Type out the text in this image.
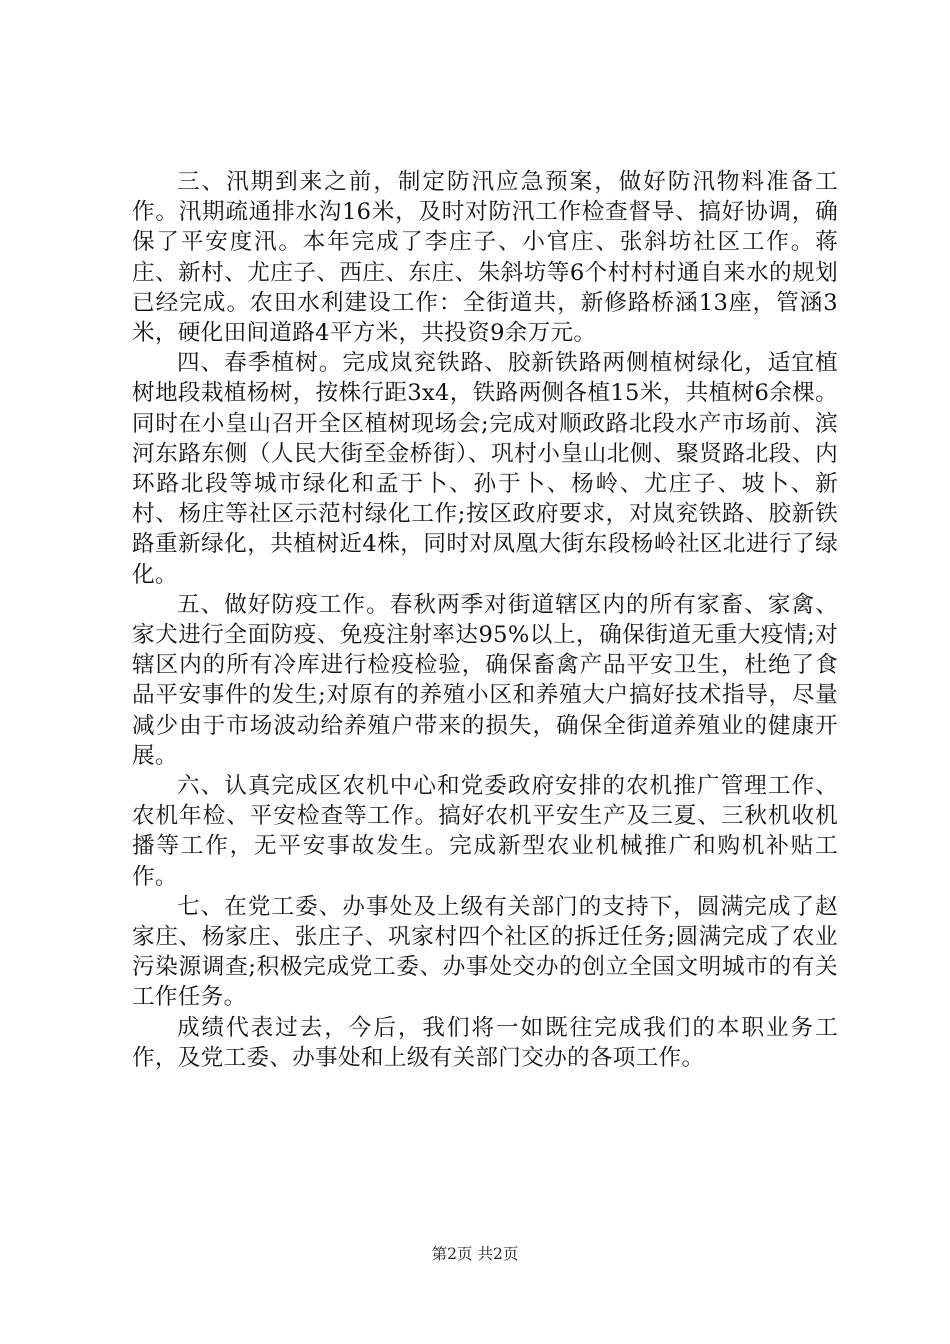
三、汛期到来之前，制定防汛应急预案，做好防汛物料准备工作。汛期疏通排水沟16米，及时对防汛工作检查督导、搞好协调，确保了平安度汛。本年完成了李庄子、小官庄、张斜坊社区工作。蒋庄、新村、尤庄子、西庄、东庄、朱斜坊等6个村村村通自来水的规划已经完成。农田水利建设工作：全街道共，新修路桥涵13座，管涵3米，硬化田间道路4平方米，共投资9余万元。

四、春季植树。完成岚兖铁路、胶新铁路两侧植树绿化，适宜植树地段栽植杨树，按株行距3x4，铁路两侧各植15米，共植树6余棵。同时在小皇山召开全区植树现场会;完成对顺政路北段水产市场前、滨河东路东侧（人民大街至金桥街）、巩村小皇山北侧、聚贤路北段、内环路北段等城市绿化和孟于卜、孙于卜、杨岭、尤庄子、坡卜、新村、杨庄等社区示范村绿化工作;按区政府要求，对岚兖铁路、胶新铁路重新绿化，共植树近4株，同时对凤凰大街东段杨岭社区北进行了绿化。

五、做好防疫工作。春秋两季对街道辖区内的所有家畜、家禽、家犬进行全面防疫、免疫注射率达95%以上，确保街道无重大疫情;对辖区内的所有冷库进行检疫检验，确保畜禽产品平安卫生，杜绝了食品平安事件的发生;对原有的养殖小区和养殖大户搞好技术指导，尽量减少由于市场波动给养殖户带来的损失，确保全街道养殖业的健康开展。

六、认真完成区农机中心和党委政府安排的农机推广管理工作、农机年检、平安检查等工作。搞好农机平安生产及三夏、三秋机收机播等工作，无平安事故发生。完成新型农业机械推广和购机补贴工作。

七、在党工委、办事处及上级有关部门的支持下，圆满完成了赵家庄、杨家庄、张庄子、巩家村四个社区的拆迁任务;圆满完成了农业污染源调查;积极完成党工委、办事处交办的创立全国文明城市的有关工作任务。

成绩代表过去，今后，我们将一如既往完成我们的本职业务工作，及党工委、办事处和上级有关部门交办的各项工作。

第2页 共2页
